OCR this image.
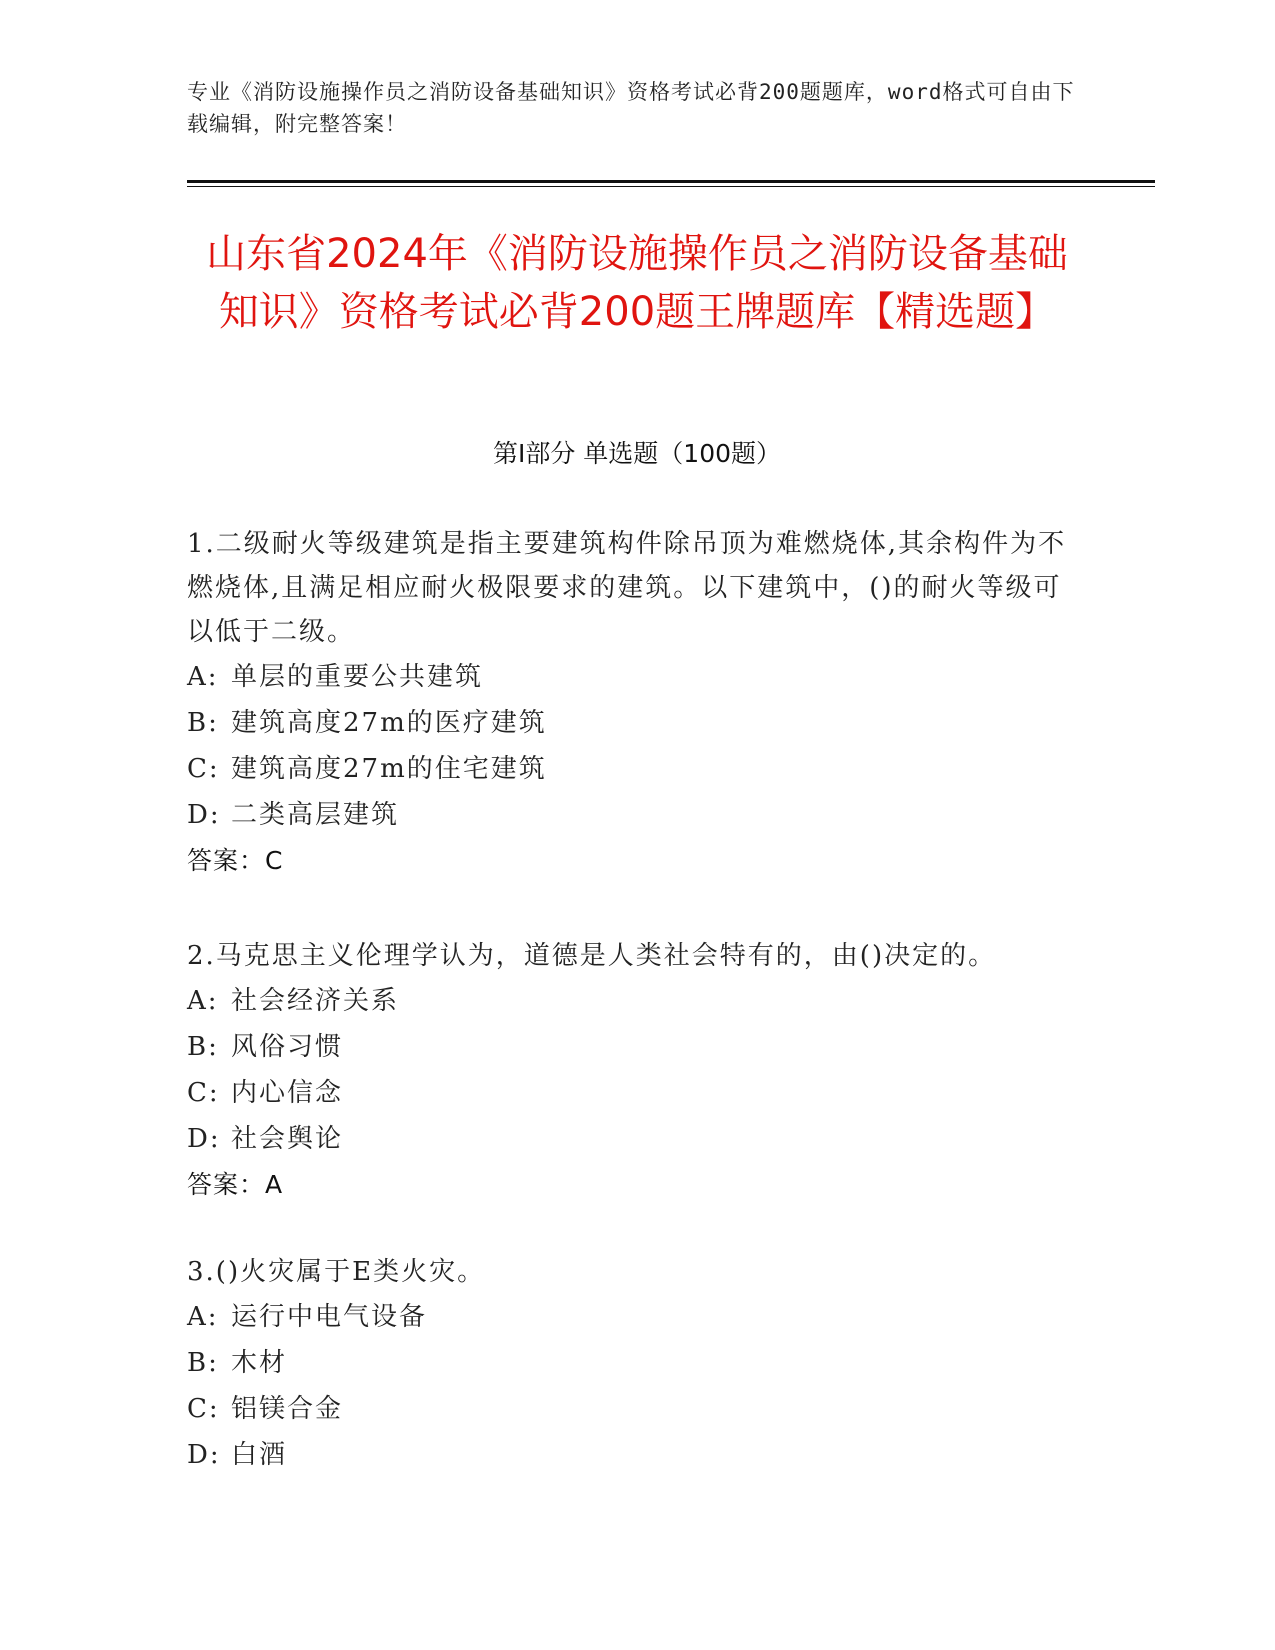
专业《消防设施操作员之消防设备基础知识》资格考试必背200题题库，word格式可自由下载编辑，附完整答案！
山东省2024年《消防设施操作员之消防设备基础知识》资格考试必背200题王牌题库【精选题】
第Ⅰ部分 单选题（100题）
1.二级耐火等级建筑是指主要建筑构件除吊顶为难燃烧体,其余构件为不燃烧体,且满足相应耐火极限要求的建筑。以下建筑中，()的耐火等级可以低于二级。
A: 单层的重要公共建筑
B: 建筑高度27m的医疗建筑
C: 建筑高度27m的住宅建筑
D: 二类高层建筑
答案：C
2.马克思主义伦理学认为，道德是人类社会特有的，由()决定的。
A: 社会经济关系
B: 风俗习惯
C: 内心信念
D: 社会舆论
答案：A
3.()火灾属于E类火灾。
A: 运行中电气设备
B: 木材
C: 铝镁合金
D: 白酒
